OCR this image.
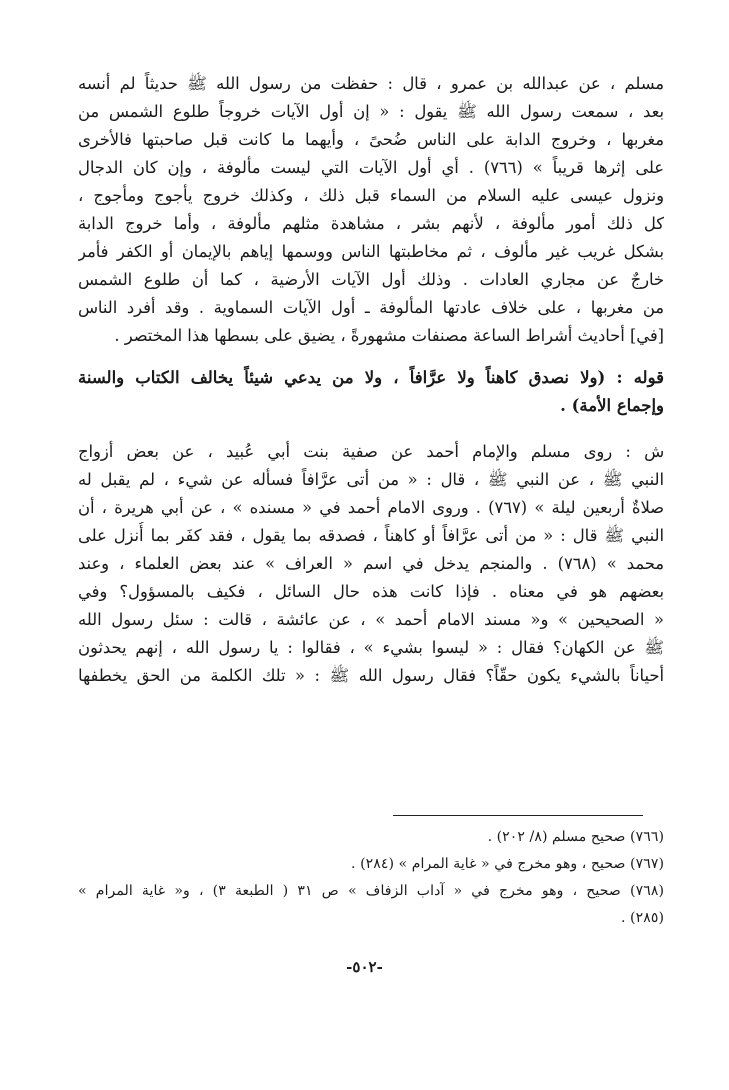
مسلم ، عن عبدالله بن عمرو ، قال : حفظت من رسول الله ﷺ حديثاً لم أنسه
بعد ، سمعت رسول الله ﷺ يقول : « إن أول الآيات خروجاً طلوع الشمس من
مغربها ، وخروج الدابة على الناس ضُحىً ، وأيهما ما كانت قبل صاحبتها فالأخرى
على إثرها قريباً » (٧٦٦) . أي أول الآيات التي ليست مألوفة ، وإن كان الدجال
ونزول عيسى عليه السلام من السماء قبل ذلك ، وكذلك خروج يأجوج ومأجوج ،
كل ذلك أمور مألوفة ، لأنهم بشر ، مشاهدة مثلهم مألوفة ، وأما خروج الدابة
بشكل غريب غير مألوف ، ثم مخاطبتها الناس ووسمها إياهم بالإيمان أو الكفر فأمر
خارجٌ عن مجاري العادات . وذلك أول الآيات الأرضية ، كما أن طلوع الشمس
من مغربها ، على خلاف عادتها المألوفة ـ أول الآيات السماوية . وقد أفرد الناس
[في] أحاديث أشراط الساعة مصنفات مشهورةً ، يضيق على بسطها هذا المختصر .
قوله : (ولا نصدق كاهناً ولا عرَّافاً ، ولا من يدعي شيئاً يخالف الكتاب والسنة
وإجماع الأمة) .
ش : روى مسلم والإمام أحمد عن صفية بنت أبي عُبيد ، عن بعض أزواج
النبي ﷺ ، عن النبي ﷺ ، قال : « من أتى عرَّافاً فسأله عن شيء ، لم يقبل له
صلاةٌ أربعين ليلة » (٧٦٧) . وروى الامام أحمد في « مسنده » ، عن أبي هريرة ، أن
النبي ﷺ قال : « من أتى عرَّافاً أو كاهناً ، فصدقه بما يقول ، فقد كفَر بما أُنزل على
محمد » (٧٦٨) . والمنجم يدخل في اسم « العراف » عند بعض العلماء ، وعند
بعضهم هو في معناه . فإذا كانت هذه حال السائل ، فكيف بالمسؤول؟ وفي
« الصحيحين » و« مسند الامام أحمد » ، عن عائشة ، قالت : سئل رسول الله
ﷺ عن الكهان؟ فقال : « ليسوا بشيء » ، فقالوا : يا رسول الله ، إنهم يحدثون
أحياناً بالشيء يكون حقّاً؟ فقال رسول الله ﷺ : « تلك الكلمة من الحق يخطفها
(٧٦٦) صحيح مسلم (٨/ ٢٠٢) .
(٧٦٧) صحيح ، وهو مخرج في « غاية المرام » (٢٨٤) .
(٧٦٨) صحيح ، وهو مخرج في « آداب الزفاف » ص ٣١ ( الطبعة ٣) ، و« غاية المرام »
(٢٨٥) .
-٥٠٢-
